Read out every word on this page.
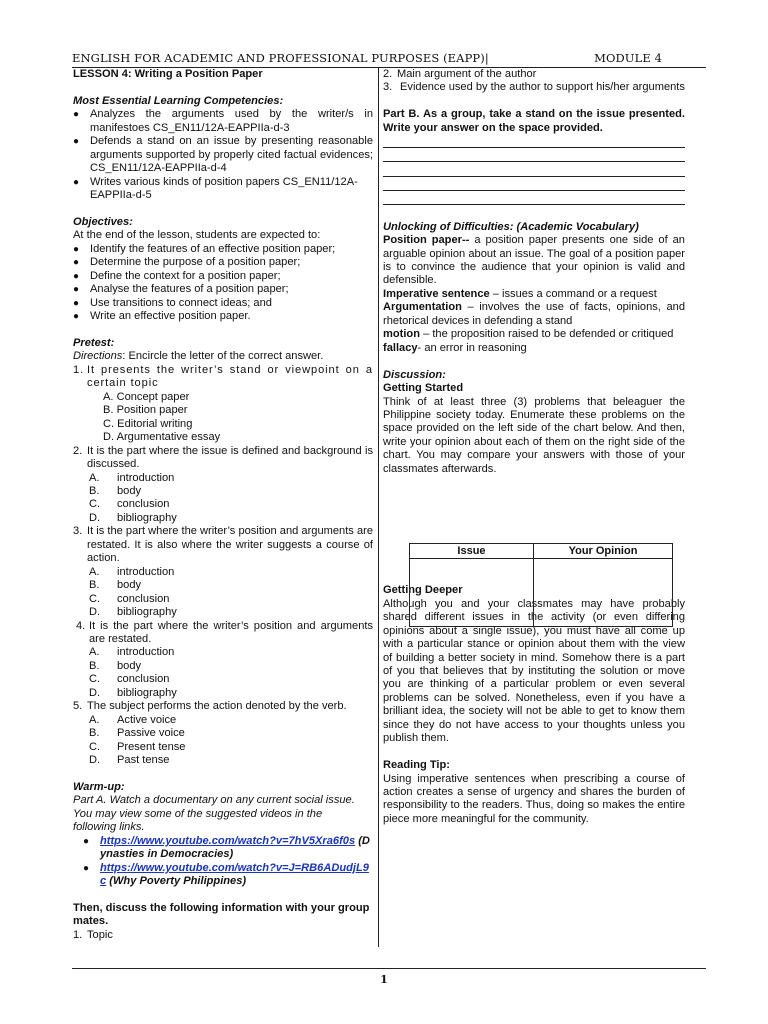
ENGLISH FOR ACADEMIC AND PROFESSIONAL PURPOSES (EAPP)|	MODULE 4

LESSON 4: Writing a Position Paper

Most Essential Learning Competencies:

● Analyzes the arguments used by the writer/s in manifestoes CS_EN11/12A-EAPPIIa-d-3

● Defends a stand on an issue by presenting reasonable arguments supported by properly cited factual evidences; CS_EN11/12A-EAPPIIa-d-4

● Writes various kinds of position papers CS_EN11/12A-EAPPIIa-d-5

Objectives:

At the end of the lesson, students are expected to:

● Identify the features of an effective position paper;

● Determine the purpose of a position paper;

● Define the context for a position paper;

● Analyse the features of a position paper;

● Use transitions to connect ideas; and

● Write an effective position paper.

Pretest:

Directions: Encircle the letter of the correct answer.

1. It presents the writer’s stand or viewpoint on a certain topic

A. Concept paper

B. Position paper

C. Editorial writing

D. Argumentative essay

2. It is the part where the issue is defined and background is discussed.

A. introduction

B. body

C. conclusion

D. bibliography

3. It is the part where the writer’s position and arguments are restated. It is also where the writer suggests a course of action.

A. introduction

B. body

C. conclusion

D. bibliography

4. It is the part where the writer’s position and arguments are restated.

A. introduction

B. body

C. conclusion

D. bibliography

5. The subject performs the action denoted by the verb.

A. Active voice

B. Passive voice

C. Present tense

D. Past tense

Warm-up:

Part A. Watch a documentary on any current social issue. You may view some of the suggested videos in the following links.

● https://www.youtube.com/watch?v=7hV5Xra6f0s (Dynasties in Democracies)

● https://www.youtube.com/watch?v=J=RB6ADudjL9c (Why Poverty Philippines)

Then, discuss the following information with your group mates.

1. Topic

2. Main argument of the author

3. Evidence used by the author to support his/her arguments

Part B. As a group, take a stand on the issue presented. Write your answer on the space provided.

Unlocking of Difficulties: (Academic Vocabulary)

Position paper-- a position paper presents one side of an arguable opinion about an issue. The goal of a position paper is to convince the audience that your opinion is valid and defensible.

Imperative sentence – issues a command or a request

Argumentation – involves the use of facts, opinions, and rhetorical devices in defending a stand

motion – the proposition raised to be defended or critiqued

fallacy- an error in reasoning

Discussion:

Getting Started

Think of at least three (3) problems that beleaguer the Philippine society today. Enumerate these problems on the space provided on the left side of the chart below. And then, write your opinion about each of them on the right side of the chart. You may compare your answers with those of your classmates afterwards.

Getting Deeper

Although you and your classmates may have probably shared different issues in the activity (or even differing opinions about a single issue), you must have all come up with a particular stance or opinion about them with the view of building a better society in mind. Somehow there is a part of you that believes that by instituting the solution or move you are thinking of a particular problem or even several problems can be solved. Nonetheless, even if you have a brilliant idea, the society will not be able to get to know them since they do not have access to your thoughts unless you publish them.

Reading Tip:

Using imperative sentences when prescribing a course of action creates a sense of urgency and shares the burden of responsibility to the readers. Thus, doing so makes the entire piece more meaningful for the community.

Issue	Your Opinion
1
